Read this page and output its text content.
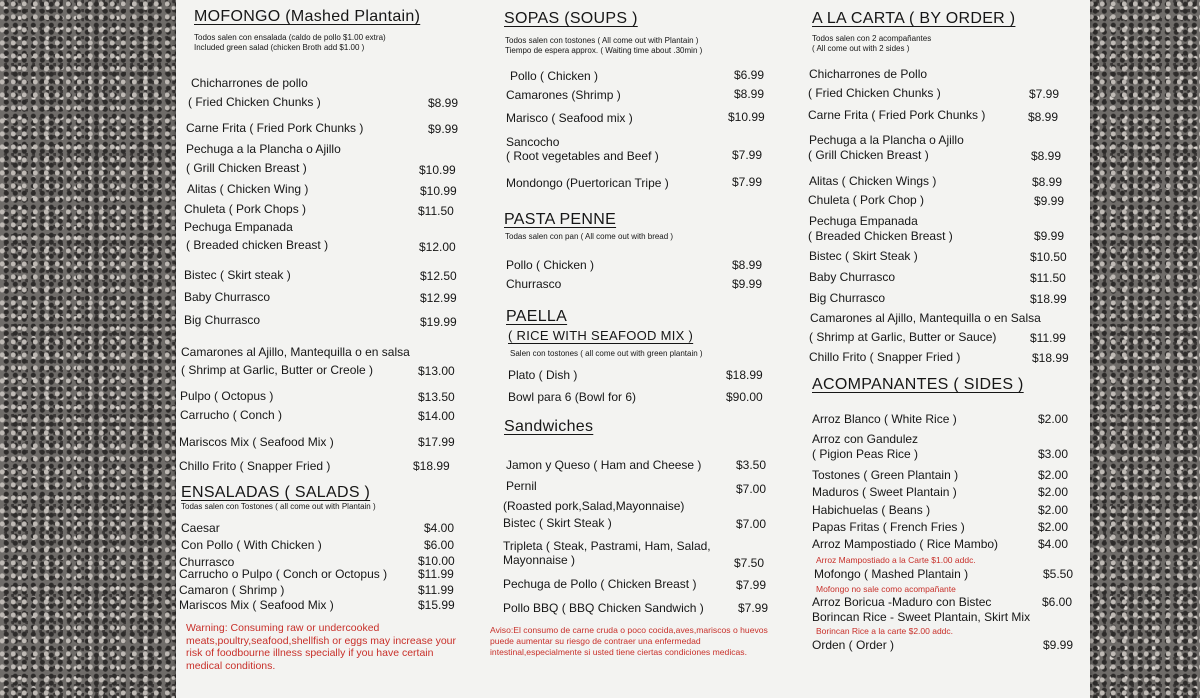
MOFONGO (Mashed Plantain)
Todos salen con ensalada (caldo de pollo $1.00 extra)
Included green salad (chicken Broth add $1.00 )
Chicharrones de pollo
( Fried Chicken Chunks )	$8.99
Carne Frita ( Fried Pork Chunks )	$9.99
Pechuga a la Plancha o Ajillo
( Grill Chicken Breast )	$10.99
Alitas ( Chicken Wing )	$10.99
Chuleta ( Pork Chops )	$11.50
Pechuga Empanada
( Breaded chicken Breast )	$12.00
Bistec ( Skirt steak )	$12.50
Baby Churrasco	$12.99
Big Churrasco	$19.99
Camarones al Ajillo, Mantequilla o en salsa
( Shrimp at Garlic, Butter or Creole )	$13.00
Pulpo ( Octopus )	$13.50
Carrucho ( Conch )	$14.00
Mariscos Mix ( Seafood Mix )	$17.99
Chillo Frito ( Snapper Fried )	$18.99
ENSALADAS ( SALADS )
Todas salen con Tostones ( all come out with Plantain )
Caesar	$4.00
Con Pollo ( With Chicken )	$6.00
Churrasco	$10.00
Carrucho o Pulpo ( Conch or Octopus )	$11.99
Camaron ( Shrimp )	$11.99
Mariscos Mix ( Seafood Mix )	$15.99
Warning: Consuming raw or undercooked meats,poultry,seafood,shellfish or eggs may increase your risk of foodbourne illness specially if you have certain medical conditions.
SOPAS (SOUPS )
Todos salen con tostones ( All come out with Plantain )
Tiempo de espera approx. ( Waiting time about .30min )
Pollo ( Chicken )	$6.99
Camarones (Shrimp )	$8.99
Marisco ( Seafood mix )	$10.99
Sancocho
( Root vegetables and Beef )	$7.99
Mondongo (Puertorican Tripe )	$7.99
PASTA PENNE
Todas salen con pan ( All come out with bread )
Pollo ( Chicken )	$8.99
Churrasco	$9.99
PAELLA
( RICE WITH SEAFOOD MIX )
Salen con tostones ( all come out with green plantain )
Plato ( Dish )	$18.99
Bowl para 6 (Bowl for 6)	$90.00
Sandwiches
Jamon y Queso ( Ham and Cheese )	$3.50
Pernil	$7.00
(Roasted pork,Salad,Mayonnaise)
Bistec ( Skirt Steak )	$7.00
Tripleta ( Steak, Pastrami, Ham, Salad,
Mayonnaise )	$7.50
Pechuga de Pollo ( Chicken Breast )	$7.99
Pollo BBQ ( BBQ Chicken Sandwich )	$7.99
Aviso:El consumo de carne cruda o poco cocida,aves,mariscos o huevos puede aumentar su riesgo de contraer una enfermedad intestinal,especialmente si usted tiene ciertas condiciones medicas.
A LA CARTA ( BY ORDER )
Todos salen con 2 acompañantes
( All come out with 2 sides )
Chicharrones de Pollo
( Fried Chicken Chunks )	$7.99
Carne Frita ( Fried Pork Chunks )	$8.99
Pechuga a la Plancha o Ajillo
( Grill Chicken Breast )	$8.99
Alitas ( Chicken Wings )	$8.99
Chuleta ( Pork Chop )	$9.99
Pechuga Empanada
( Breaded Chicken Breast )	$9.99
Bistec ( Skirt Steak )	$10.50
Baby Churrasco	$11.50
Big Churrasco	$18.99
Camarones al Ajillo, Mantequilla o en Salsa
( Shrimp at Garlic, Butter or Sauce)	$11.99
Chillo Frito ( Snapper Fried )	$18.99
ACOMPANANTES ( SIDES )
Arroz Blanco ( White Rice )	$2.00
Arroz con Gandulez
( Pigion Peas Rice )	$3.00
Tostones ( Green Plantain )	$2.00
Maduros ( Sweet Plantain )	$2.00
Habichuelas ( Beans )	$2.00
Papas Fritas ( French Fries )	$2.00
Arroz Mampostiado ( Rice Mambo)	$4.00
Arroz Mampostiado a la Carte $1.00 addc.
Mofongo ( Mashed Plantain )	$5.50
Mofongo no sale como acompañante
Arroz Boricua -Maduro con Bistec	$6.00
Borincan Rice - Sweet Plantain, Skirt Mix
Borincan Rice a la carte $2.00 addc.
Orden ( Order )	$9.99
